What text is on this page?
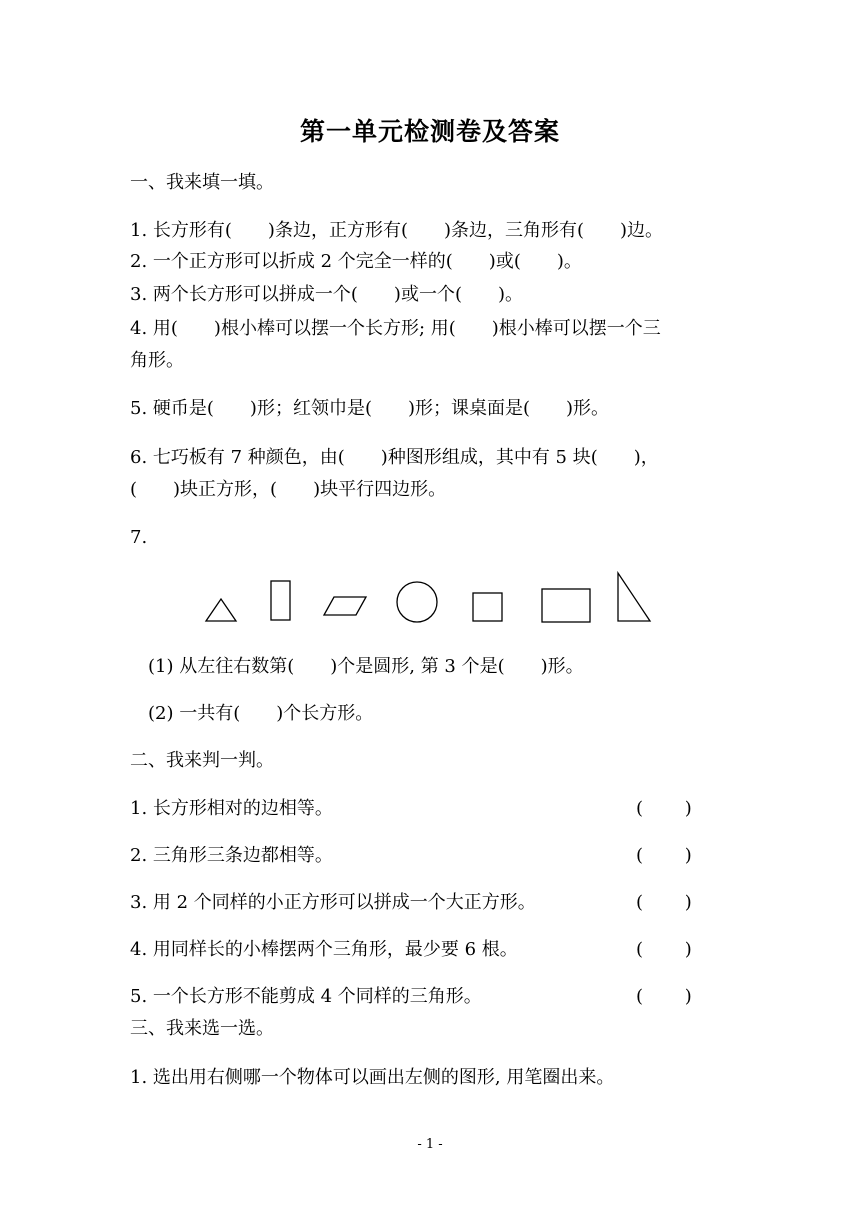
第一单元检测卷及答案
一、我来填一填。
1. 长方形有(　　)条边，正方形有(　　)条边，三角形有(　　)边。
2. 一个正方形可以折成 2 个完全一样的(　　)或(　　)。
3. 两个长方形可以拼成一个(　　)或一个(　　)。
4. 用(　　)根小棒可以摆一个长方形; 用(　　)根小棒可以摆一个三
角形。
5. 硬币是(　　)形；红领巾是(　　)形；课桌面是(　　)形。
6. 七巧板有 7 种颜色，由(　　)种图形组成，其中有 5 块(　　)，
(　　)块正方形，(　　)块平行四边形。
7.
(1) 从左往右数第(　　)个是圆形, 第 3 个是(　　)形。
(2) 一共有(　　)个长方形。
二、我来判一判。
1. 长方形相对的边相等。	(　　 )
2. 三角形三条边都相等。	(　　 )
3. 用 2 个同样的小正方形可以拼成一个大正方形。	(　　 )
4. 用同样长的小棒摆两个三角形，最少要 6 根。	(　　 )
5. 一个长方形不能剪成 4 个同样的三角形。	(　　 )
三、我来选一选。
1. 选出用右侧哪一个物体可以画出左侧的图形, 用笔圈出来。
- 1 -
